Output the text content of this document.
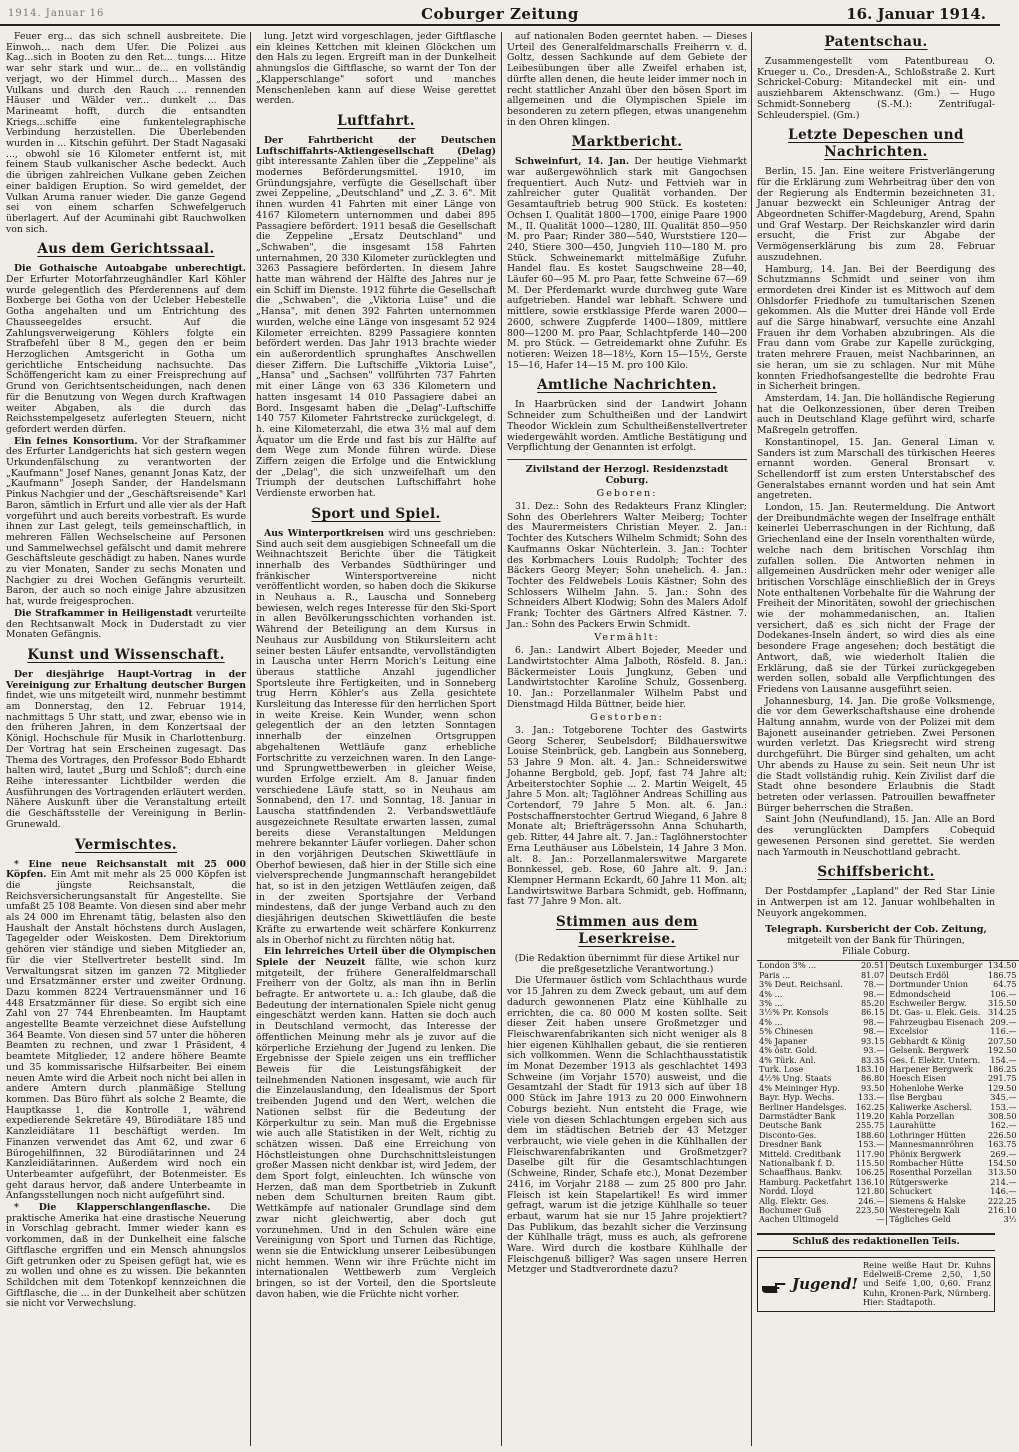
1914. Januar 16	Coburger Zeitung	16. Januar 1914.

Feuer erg... das sich schnell ausbreitete. Die Einwoh... nach dem Ufer. Die Polizei aus Kag...sich in Booten zu den Ret... tungs.... Hitze war sehr stark und wur... de... en vollständig verjagt, wo der Himmel durch... Massen des Vulkans und durch den Rauch ... rennenden Häuser und Wälder ver... dunkelt ... Das Marineamt hofft, durch die entsandten Kriegs...schiffe eine funkentelegraphische Verbindung herzustellen. Die Überlebenden wurden in ... Kitschin geführt. Der Stadt Nagasaki ..., obwohl sie 16 Kilometer entfernt ist, mit feinem Staub vulkanischer Asche bedeckt. Auch die übrigen zahlreichen Vulkane geben Zeichen einer baldigen Eruption. So wird gemeldet, der Vulkan Aruma ranuer wieder. Die ganze Gegend sei von einem scharfen Schwefelgeruch überlagert. Auf der Acuminahi gibt Rauchwolken von sich.

Aus dem Gerichtssaal.

Die Gothaische Autoabgabe unberechtigt. Der Erfurter Motorfahrzeughändler Karl Köhler wurde gelegentlich des Pferderennens auf dem Boxberge bei Gotha von der Ucleber Hebestelle Gotha angehalten und um Entrichtung des Chausseegeldes ersucht. Auf die Zahlungsverweigerung Köhlers folgte ein Strafbefehl über 8 M., gegen den er beim Herzoglichen Amtsgericht in Gotha um gerichtliche Entscheidung nachsuchte. Das Schöffengericht kam zu einer Freisprechung auf Grund von Gerichtsentscheidungen, nach denen für die Benutzung von Wegen durch Kraftwagen weiter Abgaben, als die durch das Reichsstempelgesetz auferlegten Steuern, nicht gefordert werden dürfen.

Ein feines Konsortium. Vor der Strafkammer des Erfurter Landgerichts hat sich gestern wegen Urkundenfälschung zu verantworten der „Kaufmann" Josef Nanes, genannt Jonas Katz, der „Kaufmann" Joseph Sander, der Handelsmann Pinkus Nachgier und der „Geschäftsreisende" Karl Baron, sämtlich in Erfurt und alle vier als der Haft vorgeführt und auch bereits vorbestraft. Es wurde ihnen zur Last gelegt, teils gemeinschaftlich, in mehreren Fällen Wechselscheine auf Personen und Sammelwechsel gefälscht und damit mehrere Geschäftsleute geschädigt zu haben. Nanes wurde zu vier Monaten, Sander zu sechs Monaten und Nachgier zu drei Wochen Gefängnis verurteilt. Baron, der auch so noch einige Jahre abzusitzen hat, wurde freigesprochen.

Die Strafkammer in Heiligenstadt verurteilte den Rechtsanwalt Mock in Duderstadt zu vier Monaten Gefängnis.

Kunst und Wissenschaft.

Der diesjährige Haupt-Vortrag in der Vereinigung zur Erhaltung deutscher Burgen findet, wie uns mitgeteilt wird, nunmehr bestimmt am Donnerstag, den 12. Februar 1914, nachmittags 5 Uhr statt, und zwar, ebenso wie in den früheren Jahren, in dem Konzertsaal der Königl. Hochschule für Musik in Charlottenburg. Der Vortrag hat sein Erscheinen zugesagt. Das Thema des Vortrages, den Professor Bodo Ebhardt halten wird, lautet „Burg und Schloß"; durch eine Reihe interessanter Lichtbilder werden die Ausführungen des Vortragenden erläutert werden. Nähere Auskunft über die Veranstaltung erteilt die Geschäftsstelle der Vereinigung in Berlin-Grunewald.

Vermischtes.

* Eine neue Reichsanstalt mit 25 000 Köpfen. Ein Amt mit mehr als 25 000 Köpfen ist die jüngste Reichsanstalt, die Reichsversicherungsanstalt für Angestellte. Sie umfaßt 25 108 Beamte. Von diesen sind aber mehr als 24 000 im Ehrenamt tätig, belasten also den Haushalt der Anstalt höchstens durch Auslagen, Tagegelder oder Weiskosten. Dem Direktorium gehören vier ständige und sieben Mitglieder an, für die vier Stellvertreter bestellt sind. Im Verwaltungsrat sitzen im ganzen 72 Mitglieder und Ersatzmänner erster und zweiter Ordnung. Dazu kommen 8224 Vertrauensmänner und 16 448 Ersatzmänner für diese. So ergibt sich eine Zahl von 27 744 Ehrenbeamten. Im Hauptamt angestellte Beamte verzeichnet diese Aufstellung 364 Beamte. Von diesen sind 57 unter die höheren Beamten zu rechnen, und zwar 1 Präsident, 4 beamtete Mitglieder, 12 andere höhere Beamte und 35 kommissarische Hilfsarbeiter. Bei einem neuen Amte wird die Arbeit noch nicht bei allen in andere Amtern durch planmäßige Stellung kommen. Das Büro führt als solche 2 Beamte, die Hauptkasse 1, die Kontrolle 1, während expedierende Sekretäre 49, Bürodiätare 185 und Kanzleidiätare 11 beschäftigt werden. Im Finanzen verwendet das Amt 62, und zwar 6 Bürogehilfinnen, 32 Bürodiätarinnen und 24 Kanzleidiätarinnen. Außerdem wird noch ein Unterbeamter aufgeführt, der Botenmeister. Es geht daraus hervor, daß andere Unterbeamte in Anfangsstellungen noch nicht aufgeführt sind.

* Die Klapperschlangenflasche. Die praktische Amerika hat eine drastische Neuerung in Vorschlag gebracht. Immer wieder kann es vorkommen, daß in der Dunkelheit eine falsche Giftflasche ergriffen und ein Mensch ahnungslos Gift getrunken oder zu Speisen gefügt hat, wie es zu wollen und ohne es zu wissen. Die bekannten Schildchen mit dem Totenkopf kennzeichnen die Giftflasche, die ... in der Dunkelheit aber schützen sie nicht vor Verwechslung.

lung. Jetzt wird vorgeschlagen, jeder Giftflasche ein kleines Kettchen mit kleinen Glöckchen um den Hals zu legen. Ergreift man in der Dunkelheit ahnungslos die Giftflasche, so warnt der Ton der „Klapperschlange" sofort und manches Menschenleben kann auf diese Weise gerettet werden.

Luftfahrt.

Der Fahrtbericht der Deutschen Luftschiffahrts-Aktiengesellschaft (Delag) gibt interessante Zahlen über die „Zeppeline" als modernes Beförderungsmittel. 1910, im Gründungsjahre, verfügte die Gesellschaft über zwei Zeppeline, „Deutschland" und „Z. 3. 6". Mit ihnen wurden 41 Fahrten mit einer Länge von 4167 Kilometern unternommen und dabei 895 Passagiere befördert. 1911 besaß die Gesellschaft die Zeppeline „Ersatz Deutschland" und „Schwaben", die insgesamt 158 Fahrten unternahmen, 20 330 Kilometer zurücklegten und 3263 Passagiere beförderten. In diesem Jahre hatte man während der Hälfte des Jahres nur je ein Schiff im Dienste. 1912 führte die Gesellschaft die „Schwaben", die „Viktoria Luise" und die „Hansa", mit denen 392 Fahrten unternommen wurden, welche eine Länge von insgesamt 52 924 Kilometer erreichten. 8299 Passagiere konnten befördert werden. Das Jahr 1913 brachte wieder ein außerordentlich sprunghaftes Anschwellen dieser Ziffern. Die Luftschiffe „Viktoria Luise", „Hansa" und „Sachsen" vollführten 737 Fahrten mit einer Länge von 63 336 Kilometern und hatten insgesamt 14 010 Passagiere dabei an Bord. Insgesamt haben die „Delag"-Luftschiffe 140 757 Kilometer Fahrtstrecke zurückgelegt, d. h. eine Kilometerzahl, die etwa 3½ mal auf dem Äquator um die Erde und fast bis zur Hälfte auf dem Wege zum Monde führen würde. Diese Ziffern zeigen die Erfolge und die Entwicklung der „Delag", die sich unzweifelhaft um den Triumph der deutschen Luftschiffahrt hohe Verdienste erworben hat.

Sport und Spiel.

Aus Winterportkreisen wird uns geschrieben: Sind auch seit dem ausgiebigen Schneefall um die Weihnachtszeit Berichte über die Tätigkeit innerhalb des Verbandes Südthüringer und fränkischer Wintersportvereine nicht veröffentlicht worden, so haben doch die Skikurse in Neuhaus a. R., Lauscha und Sonneberg bewiesen, welch reges Interesse für den Ski-Sport in allen Bevölkerungsschichten vorhanden ist. Während der Beteiligung an dem Kursus in Neuhaus zur Ausbildung von Stikursleitern acht seiner besten Läufer entsandte, vervollständigten in Lauscha unter Herrn Morich's Leitung eine überaus stattliche Anzahl jugendlicher Sportsleute ihre Fertigkeiten, und in Sonneberg trug Herrn Köhler's aus Zella gesichtete Kursleitung das Interesse für den herrlichen Sport in weite Kreise. Kein Wunder, wenn schon gelegentlich der an den letzten Sonntagen innerhalb der einzelnen Ortsgruppen abgehaltenen Wettläufe ganz erhebliche Fortschritte zu verzeichnen waren. In den Lange- und Sprungwettbewerben in gleicher Weise, wurden Erfolge erzielt. Am 8. Januar finden verschiedene Läufe statt, so in Neuhaus am Sonnabend, den 17. und Sonntag, 18. Januar in Lauscha stattfindenden 2. Verbandswettläufe ausgezeichnete Resultate erwarten lassen, zumal bereits diese Veranstaltungen Meldungen mehrere bekannter Läufer vorliegen. Daher schon in den vorjährigen Deutschen Skiwettläufe in Oberhof bewiesen, daß hier in der Stille sich eine vielversprechende Jungmannschaft herangebildet hat, so ist in den jetzigen Wettläufen zeigen, daß in der zweiten Sportsjahre der Verband mindestens, daß der junge Verband auch zu den diesjährigen deutschen Skiwettläufen die beste Kräfte zu erwartende weit schärfere Konkurrenz als in Oberhof nicht zu fürchten nötig hat.

Ein lehrreiches Urteil über die Olympischen Spiele der Neuzeit fällte, wie schon kurz mitgeteilt, der frühere Generalfeldmarschall Freiherr von der Goltz, als man ihn in Berlin befragte. Er antwortete u. a.: Ich glaube, daß die Bedeutung der internationalen Spiele nicht genug eingeschätzt werden kann. Hatten sie doch auch in Deutschland vermocht, das Interesse der öffentlichen Meinung mehr als je zuvor auf die körperliche Erziehung der Jugend zu lenken. Die Ergebnisse der Spiele zeigen uns ein trefflicher Beweis für die Leistungsfähigkeit der teilnehmenden Nationen insgesamt, wie auch für die Einzelauslandung, den Idealismus der Sport treibenden Jugend und den Wert, welchen die Nationen selbst für die Bedeutung der Körperkultur zu sein. Man muß die Ergebnisse wie auch alle Statistiken in der Welt, richtig zu schätzen wissen. Daß eine Erreichung von Höchstleistungen ohne Durchschnittsleistungen großer Massen nicht denkbar ist, wird Jedem, der dem Sport folgt, einleuchten. Ich wünsche von Herzen, daß man dem Sportbetrieb in Zukunft neben dem Schulturnen breiten Raum gibt. Wettkämpfe auf nationaler Grundlage sind dem zwar nicht gleichwertig, aber doch gut vorzunehmen. Und in den Schulen wäre eine Vereinigung von Sport und Turnen das Richtige, wenn sie die Entwicklung unserer Leibesübungen nicht hemmen. Wenn wir ihre Früchte nicht im internationalen Wettbewerb zum Vergleich bringen, so ist der Vorteil, den die Sportsleute davon haben, wie die Früchte nicht vorher.

auf nationalen Boden geerntet haben. — Dieses Urteil des Generalfeldmarschalls Freiherrn v. d. Goltz, dessen Sachkunde auf dem Gebiete der Leibesübungen über alle Zweifel erhaben ist, dürfte allen denen, die heute leider immer noch in recht stattlicher Anzahl über den bösen Sport im allgemeinen und die Olympischen Spiele im besonderen zu zetern pflegen, etwas unangenehm in den Ohren klingen.

Marktbericht.

Schweinfurt, 14. Jan. Der heutige Viehmarkt war außergewöhnlich stark mit Gangochsen frequentiert. Auch Nutz- und Fettvieh war in zahlreicher guter Qualität vorhanden. Der Gesamtauftrieb betrug 900 Stück. Es kosteten: Ochsen I. Qualität 1800—1700, einige Paare 1900 M., II. Qualität 1000—1280, III. Qualität 850—950 M. pro Paar; Rinder 380—540, Wurststiere 120—240, Stiere 300—450, Jungvieh 110—180 M. pro Stück. Schweinemarkt mittelmäßige Zufuhr. Handel flau. Es kostet Saugschweine 28—40, Läufer 60—95 M. pro Paar, fette Schweine 67—69 M. Der Pferdemarkt wurde durchweg gute Ware aufgetrieben. Handel war lebhaft. Schwere und mittlere, sowie erstklassige Pferde waren 2000—2600, schwere Zugpferde 1400—1809, mittlere 800—1200 M. pro Paar, Schlachtpferde 140—200 M. pro Stück. — Getreidemarkt ohne Zufuhr. Es notieren: Weizen 18—18½, Korn 15—15½, Gerste 15—16, Hafer 14—15 M. pro 100 Kilo.

Amtliche Nachrichten.

In Haarbrücken sind der Landwirt Johann Schneider zum Schultheißen und der Landwirt Theodor Wicklein zum Schultheißenstellvertreter wiedergewählt worden. Amtliche Bestätigung und Verpflichtung der Genannten ist erfolgt.

Zivilstand der Herzogl. Residenzstadt Coburg.
Geboren:

31. Dez.: Sohn des Redakteurs Franz Klingler; Sohn des Oberlehrers Walter Meiberg; Tochter des Maurermeisters Christian Meyer. 2. Jan.: Tochter des Kutschers Wilhelm Schmidt; Sohn des Kaufmanns Oskar Nüchterlein. 3. Jan.: Tochter des Korbmachers Louis Rudolph; Tochter des Bäckers Georg Meyer; Sohn unehelich. 4. Jan.: Tochter des Feldwebels Louis Kästner; Sohn des Schlossers Wilhelm Jahn. 5. Jan.: Sohn des Schneiders Albert Klodwig; Sohn des Malers Adolf Frank; Tochter des Gärtners Alfred Kästner. 7. Jan.: Sohn des Packers Erwin Schmidt.

Vermählt:

6. Jan.: Landwirt Albert Bojeder, Meeder und Landwirtstochter Alma Jalboth, Rösfeld. 8. Jan.: Bäckermeister Louis Jungkunz, Geben und Landwirtstochter Karoline Schulz, Gossenberg. 10. Jan.: Porzellanmaler Wilhelm Pabst und Dienstmagd Hilda Büttner, beide hier.

Gestorben:

3. Jan.: Totgeborene Tochter des Gastwirts Georg Scherer, Seubelsdorf; Bildhauerswitwe Louise Steinbrück, geb. Langbein aus Sonneberg, 53 Jahre 9 Mon. alt. 4. Jan.: Schneiderswitwe Johanne Bergbold, geb. Jopf, fast 74 Jahre alt; Arbeiterstochter Sophie ... 2. Martin Weigelt, 45 Jahre 5 Mon. alt; Taglöhner Andreas Schilling aus Cortendorf, 79 Jahre 5 Mon. alt. 6. Jan.: Postschaffnerstochter Gertrud Wiegand, 6 Jahre 8 Monate alt; Briefträgerssohn Anna Schuharth, geb. Ritter, 44 Jahre alt. 7. Jan.: Taglöhnerstochter Erna Leuthäuser aus Löbelstein, 14 Jahre 3 Mon. alt. 8. Jan.: Porzellanmalerswitwe Margarete Bonnkessel, geb. Rose, 60 Jahre alt. 9. Jan.: Klempner Hermann Eckardt, 60 Jahre 11 Mon. alt; Landwirtswitwe Barbara Schmidt, geb. Hoffmann, fast 77 Jahre 9 Mon. alt.

Stimmen aus dem Leserkreise.

(Die Redaktion übernimmt für diese Artikel nur die preßgesetzliche Verantwortung.)

Die Ufermauer östlich vom Schlachthaus wurde vor 15 Jahren zu dem Zweck gebaut, um auf dem dadurch gewonnenen Platz eine Kühlhalle zu errichten, die ca. 80 000 M kosten sollte. Seit dieser Zeit haben unsere Großmetzger und Fleischwarenfabrikanten sich nicht weniger als 8 hier eigenen Kühlhallen gebaut, die sie rentieren sich vollkommen. Wenn die Schlachthausstatistik im Monat Dezember 1913 als geschlachtet 1493 Schweine (im Vorjahr 1570) ausweist, und die Gesamtzahl der Stadt für 1913 sich auf über 18 000 Stück im Jahre 1913 zu 20 000 Einwohnern Coburgs bezieht. Nun entsteht die Frage, wie viele von diesen Schlachtungen ergeben sich aus dem im städtischen Betrieb der 43 Metzger verbraucht, wie viele gehen in die Kühlhallen der Fleischwarenfabrikanten und Großmetzger? Daselbe gilt für die Gesamtschlachtungen (Schweine, Rinder, Schafe etc.), Monat Dezember 2416, im Vorjahr 2188 — zum 25 800 pro Jahr. Fleisch ist kein Stapelartikel! Es wird immer gefragt, warum ist die jetzige Kühlhalle so teuer erbaut, warum hat sie nur 15 Jahre projektiert? Das Publikum, das bezahlt sicher die Verzinsung der Kühlhalle trägt, muss es auch, als gefrorene Ware. Wird durch die kostbare Kühlhalle der Fleischgenuß billiger? Was sagen unsere Herren Metzger und Stadtverordnete dazu?

Patentschau.

Zusammengestellt vom Patentbureau O. Krueger u. Co., Dresden-A., Schloßstraße 2. Kurt Schrickel-Coburg: Mitandeckel mit ein- und ausziehbarem Aktenschwanz. (Gm.) — Hugo Schmidt-Sonneberg (S.-M.): Zentrifugal-Schleuderspiel. (Gm.)

Letzte Depeschen und Nachrichten.

Berlin, 15. Jan. Eine weitere Fristverlängerung für die Erklärung zum Wehrbeitrag über den von der Regierung als Endtermin bezeichneten 31. Januar bezweckt ein Schleuniger Antrag der Abgeordneten Schiffer-Magdeburg, Arend, Spahn und Graf Westarp. Der Reichskanzler wird darin ersucht, die Frist zur Abgabe der Vermögenserklärung bis zum 28. Februar auszudehnen.

Hamburg, 14. Jan. Bei der Beerdigung des Schutzmanns Schmidt und seiner von ihm ermordeten drei Kinder ist es Mittwoch auf dem Ohlsdorfer Friedhofe zu tumultarischen Szenen gekommen. Als die Mutter drei Hände voll Erde auf die Särge hinabwarf, versuchte eine Anzahl Frauen ihr dem Vorhaben abzubringen. Als die Frau dann vom Grabe zur Kapelle zurückging, traten mehrere Frauen, meist Nachbarinnen, an sie heran, um sie zu schlagen. Nur mit Mühe konnten Friedhofsangestellte die bedrohte Frau in Sicherheit bringen.

Amsterdam, 14. Jan. Die holländische Regierung hat die Oelkonzessionen, über deren Treiben auch in Deutschland Klage geführt wird, scharfe Maßregeln getroffen.

Konstantinopel, 15. Jan. General Liman v. Sanders ist zum Marschall des türkischen Heeres ernannt worden. General Bronsart v. Schellendorff ist zum ersten Unterstabschef des Generalstabes ernannt worden und hat sein Amt angetreten.

London, 15. Jan. Reutermeldung. Die Antwort der Dreibundmächte wegen der Inselfrage enthält keinerlei Ueberraschungen in der Richtung, daß Griechenland eine der Inseln vorenthalten würde, welche nach dem britischen Vorschlag ihm zufallen sollen. Die Antworten nehmen in allgemeinen Ausdrücken mehr oder weniger alle britischen Vorschläge einschließlich der in Greys Note enthaltenen Vorbehalte für die Wahrung der Freiheit der Minoritäten, sowohl der griechischen wie der mohammedanischen, an. Italien versichert, daß es sich nicht der Frage der Dodekanes-Inseln ändert, so wird dies als eine besondere Frage angesehen; doch bestätigt die Antwort, daß, wie wiederholt Italien die Erklärung, daß sie der Türkei zurückgegeben werden sollen, sobald alle Verpflichtungen des Friedens von Lausanne ausgeführt seien.

Johannesburg, 14. Jan. Die große Volksmenge, die vor dem Gewerkschaftshause eine drohende Haltung annahm, wurde von der Polizei mit dem Bajonett auseinander getrieben. Zwei Personen wurden verletzt. Das Kriegsrecht wird streng durchgeführt. Die Bürger sind gehalten, um acht Uhr abends zu Hause zu sein. Seit neun Uhr ist die Stadt vollständig ruhig. Kein Zivilist darf die Stadt ohne besondere Erlaubnis die Stadt betreten oder verlassen. Patrouillen bewaffneter Bürger beherrschen die Straßen.

Saint John (Neufundland), 15. Jan. Alle an Bord des verunglückten Dampfers Cobequid gewesenen Personen sind gerettet. Sie werden nach Yarmouth in Neuschottland gebracht.

Schiffsbericht.

Der Postdampfer „Lapland" der Red Star Linie in Antwerpen ist am 12. Januar wohlbehalten in Neuyork angekommen.

Telegraph. Kursbericht der Cob. Zeitung,
mitgeteilt von der Bank für Thüringen,
Filiale Coburg.
London 3% ...	20.51	Deutsch Luxemburger	134.50
Paris ...	81.07	Deutsch Erdöl	186.75
3% Deut. Reichsanl.	78.—	Dortmunder Union	64.75
4% ...	98.—	Edmondscheid	106.—
3% ...	85.20	Eschweiler Bergw.	315.50
3½% Pr. Konsols	86.15	Dt. Gas- u. Elek. Geis.	314.25
4% ...	98.—	Fahrzeugbau Eisenach	209.—
5% Chinesen	98.—	Excelsior	116.—
4% Japaner	93.15	Gebhardt & König	207.50
4% östr. Gold.	93.—	Gelsenk. Bergwerk	192.50
4% Türk. Anl.	83.35	Ges. f. Elektr. Untern.	154.—
Turk. Lose	183.10	Harpener Bergwerk	186.25
4½% Ung. Staats	86.80	Hoesch Eisen	291.75
4% Meininger Hyp.	93.50	Hohenlohe Werke	129.50
Bayr. Hyp. Wechs.	133.—	Ilse Bergbau	345.—
Berliner Handelsges.	162.25	Kaliwerke Aschersl.	153.—
Darmstädter Bank	119.20	Kahla Porzellan	308.50
Deutsche Bank	255.75	Laurahütte	162.—
Disconto-Ges.	188.60	Lothringer Hütten	226.50
Dresdner Bank	153.—	Mannesmannröhren	163.75
Mitteld. Creditbank	117.90	Phönix Bergwerk	269.—
Nationalbank f. D.	115.50	Rombacher Hütte	154.50
Schaaffhaus. Bankv.	106.25	Rosenthal Porzellan	313.50
Hamburg. Packetfahrt	136.10	Rütgerswerke	214.—
Nordd. Lloyd	121.80	Schuckert	146.—
Allg. Elektr. Ges.	246.—	Siemens & Halske	222.25
Bochumer Guß	223.50	Westeregeln Kali	216.10
Aachen Ultimogeld	—	Tägliches Geld	3½
Schluß des redaktionellen Teils.
Jugend!
Reine weiße Haut Dr. Kuhns Edelweiß-Creme 2,50, 1,50 und Seife 1,00, 0,60. Franz Kuhn, Kronen-Park, Nürnberg. Hier: Stadtapoth.
